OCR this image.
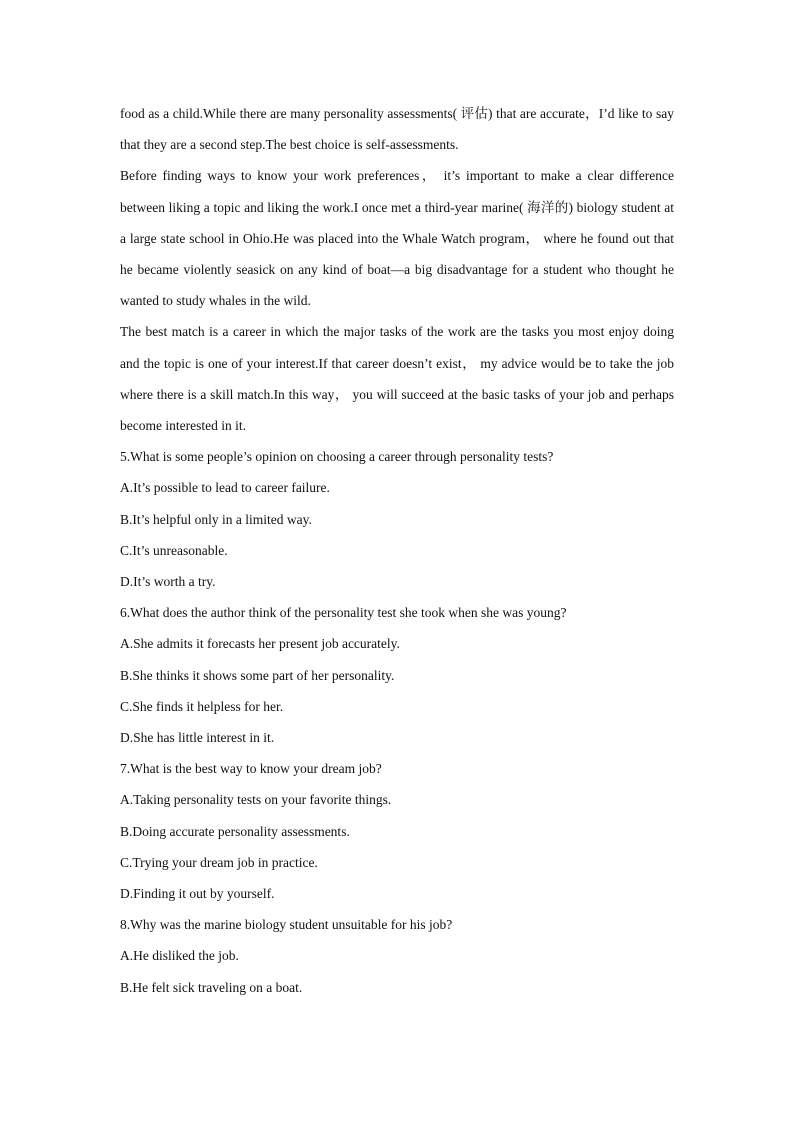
food as a child.While there are many personality assessments( 评估) that are accurate，I’d like to say that they are a second step.The best choice is self-assessments.

Before finding ways to know your work preferences， it’s important to make a clear difference between liking a topic and liking the work.I once met a third-year marine( 海洋的) biology student at a large state school in Ohio.He was placed into the Whale Watch program， where he found out that he became violently seasick on any kind of boat—a big disadvantage for a student who thought he wanted to study whales in the wild.

The best match is a career in which the major tasks of the work are the tasks you most enjoy doing and the topic is one of your interest.If that career doesn’t exist， my advice would be to take the job where there is a skill match.In this way， you will succeed at the basic tasks of your job and perhaps become interested in it.

5.What is some people’s opinion on choosing a career through personality tests?

A.It’s possible to lead to career failure.

B.It’s helpful only in a limited way.

C.It’s unreasonable.

D.It’s worth a try.

6.What does the author think of the personality test she took when she was young?

A.She admits it forecasts her present job accurately.

B.She thinks it shows some part of her personality.

C.She finds it helpless for her.

D.She has little interest in it.

7.What is the best way to know your dream job?

A.Taking personality tests on your favorite things.

B.Doing accurate personality assessments.

C.Trying your dream job in practice.

D.Finding it out by yourself.

8.Why was the marine biology student unsuitable for his job?

A.He disliked the job.

B.He felt sick traveling on a boat.
